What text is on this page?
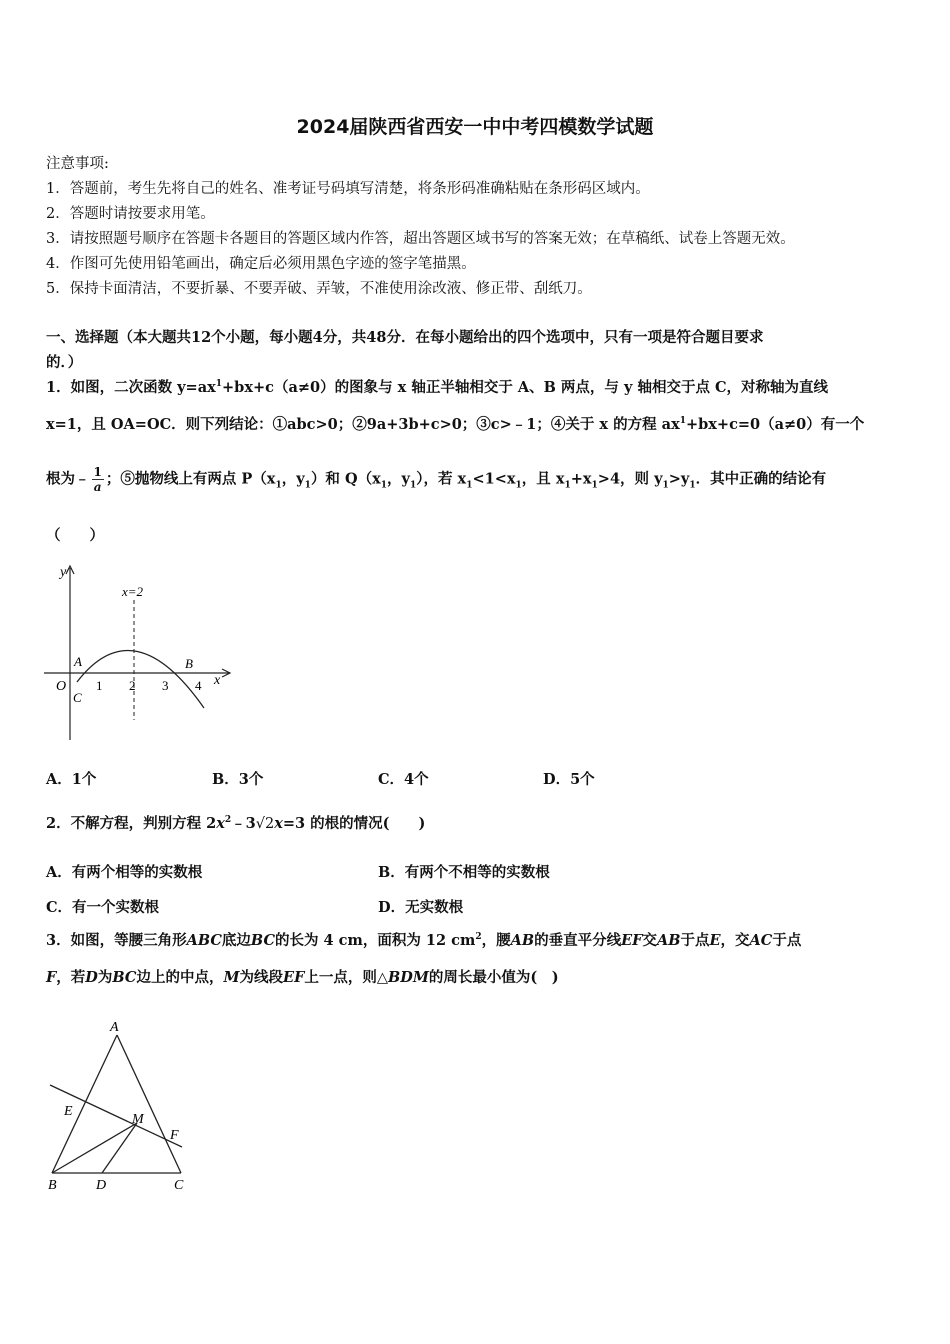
2024届陕西省西安一中中考四模数学试题
注意事项:
1．答题前，考生先将自己的姓名、准考证号码填写清楚，将条形码准确粘贴在条形码区域内。
2．答题时请按要求用笔。
3．请按照题号顺序在答题卡各题目的答题区域内作答，超出答题区域书写的答案无效；在草稿纸、试卷上答题无效。
4．作图可先使用铅笔画出，确定后必须用黑色字迹的签字笔描黑。
5．保持卡面清洁，不要折暴、不要弄破、弄皱，不准使用涂改液、修正带、刮纸刀。
一、选择题（本大题共12个小题，每小题4分，共48分．在每小题给出的四个选项中，只有一项是符合题目要求
的．）
1．如图，二次函数 $y=ax^1+bx+c(a\ne 0)$的图象与 x 轴正半轴相交于 A、B 两点，与 y 轴相交于点 C，对称轴为直线
x=1，且 OA=OC．则下列结论：①abc>0；②9a+3b+c>0；③c>﹣1；④关于 x 的方程 $ax^1+bx+c=0(a\ne 0)$有一个
根为﹣ $\frac{1}{a}$ ；⑤抛物线上有两点 $P(x_1$，$y_1$）和 $Q(x_1$，$y_1$），若 $x_1<1<x_1$，且 $x_1+x_1>4$，则 $y_1>y_1$．其中正确的结论有
（　　）
y
x
x=2
O
A	B
C
1 2 3 4
A．1个	B．3个	C．4个	D．5个
2．不解方程，判别方程 $2x^2﹣3√2x=3$ 的根的情况(　　)
A．有两个相等的实数根	B．有两个不相等的实数根
C．有一个实数根	D．无实数根
3．如图，等腰三角形ABC底边BC的长为 4 cm，面积为 12 $cm^2$，腰AB的垂直平分线EF交AB于点E，交AC于点
F，若D为BC边上的中点，M为线段EF上一点，则△BDM的周长最小值为(　)
A
B	C
D
E
F
M
